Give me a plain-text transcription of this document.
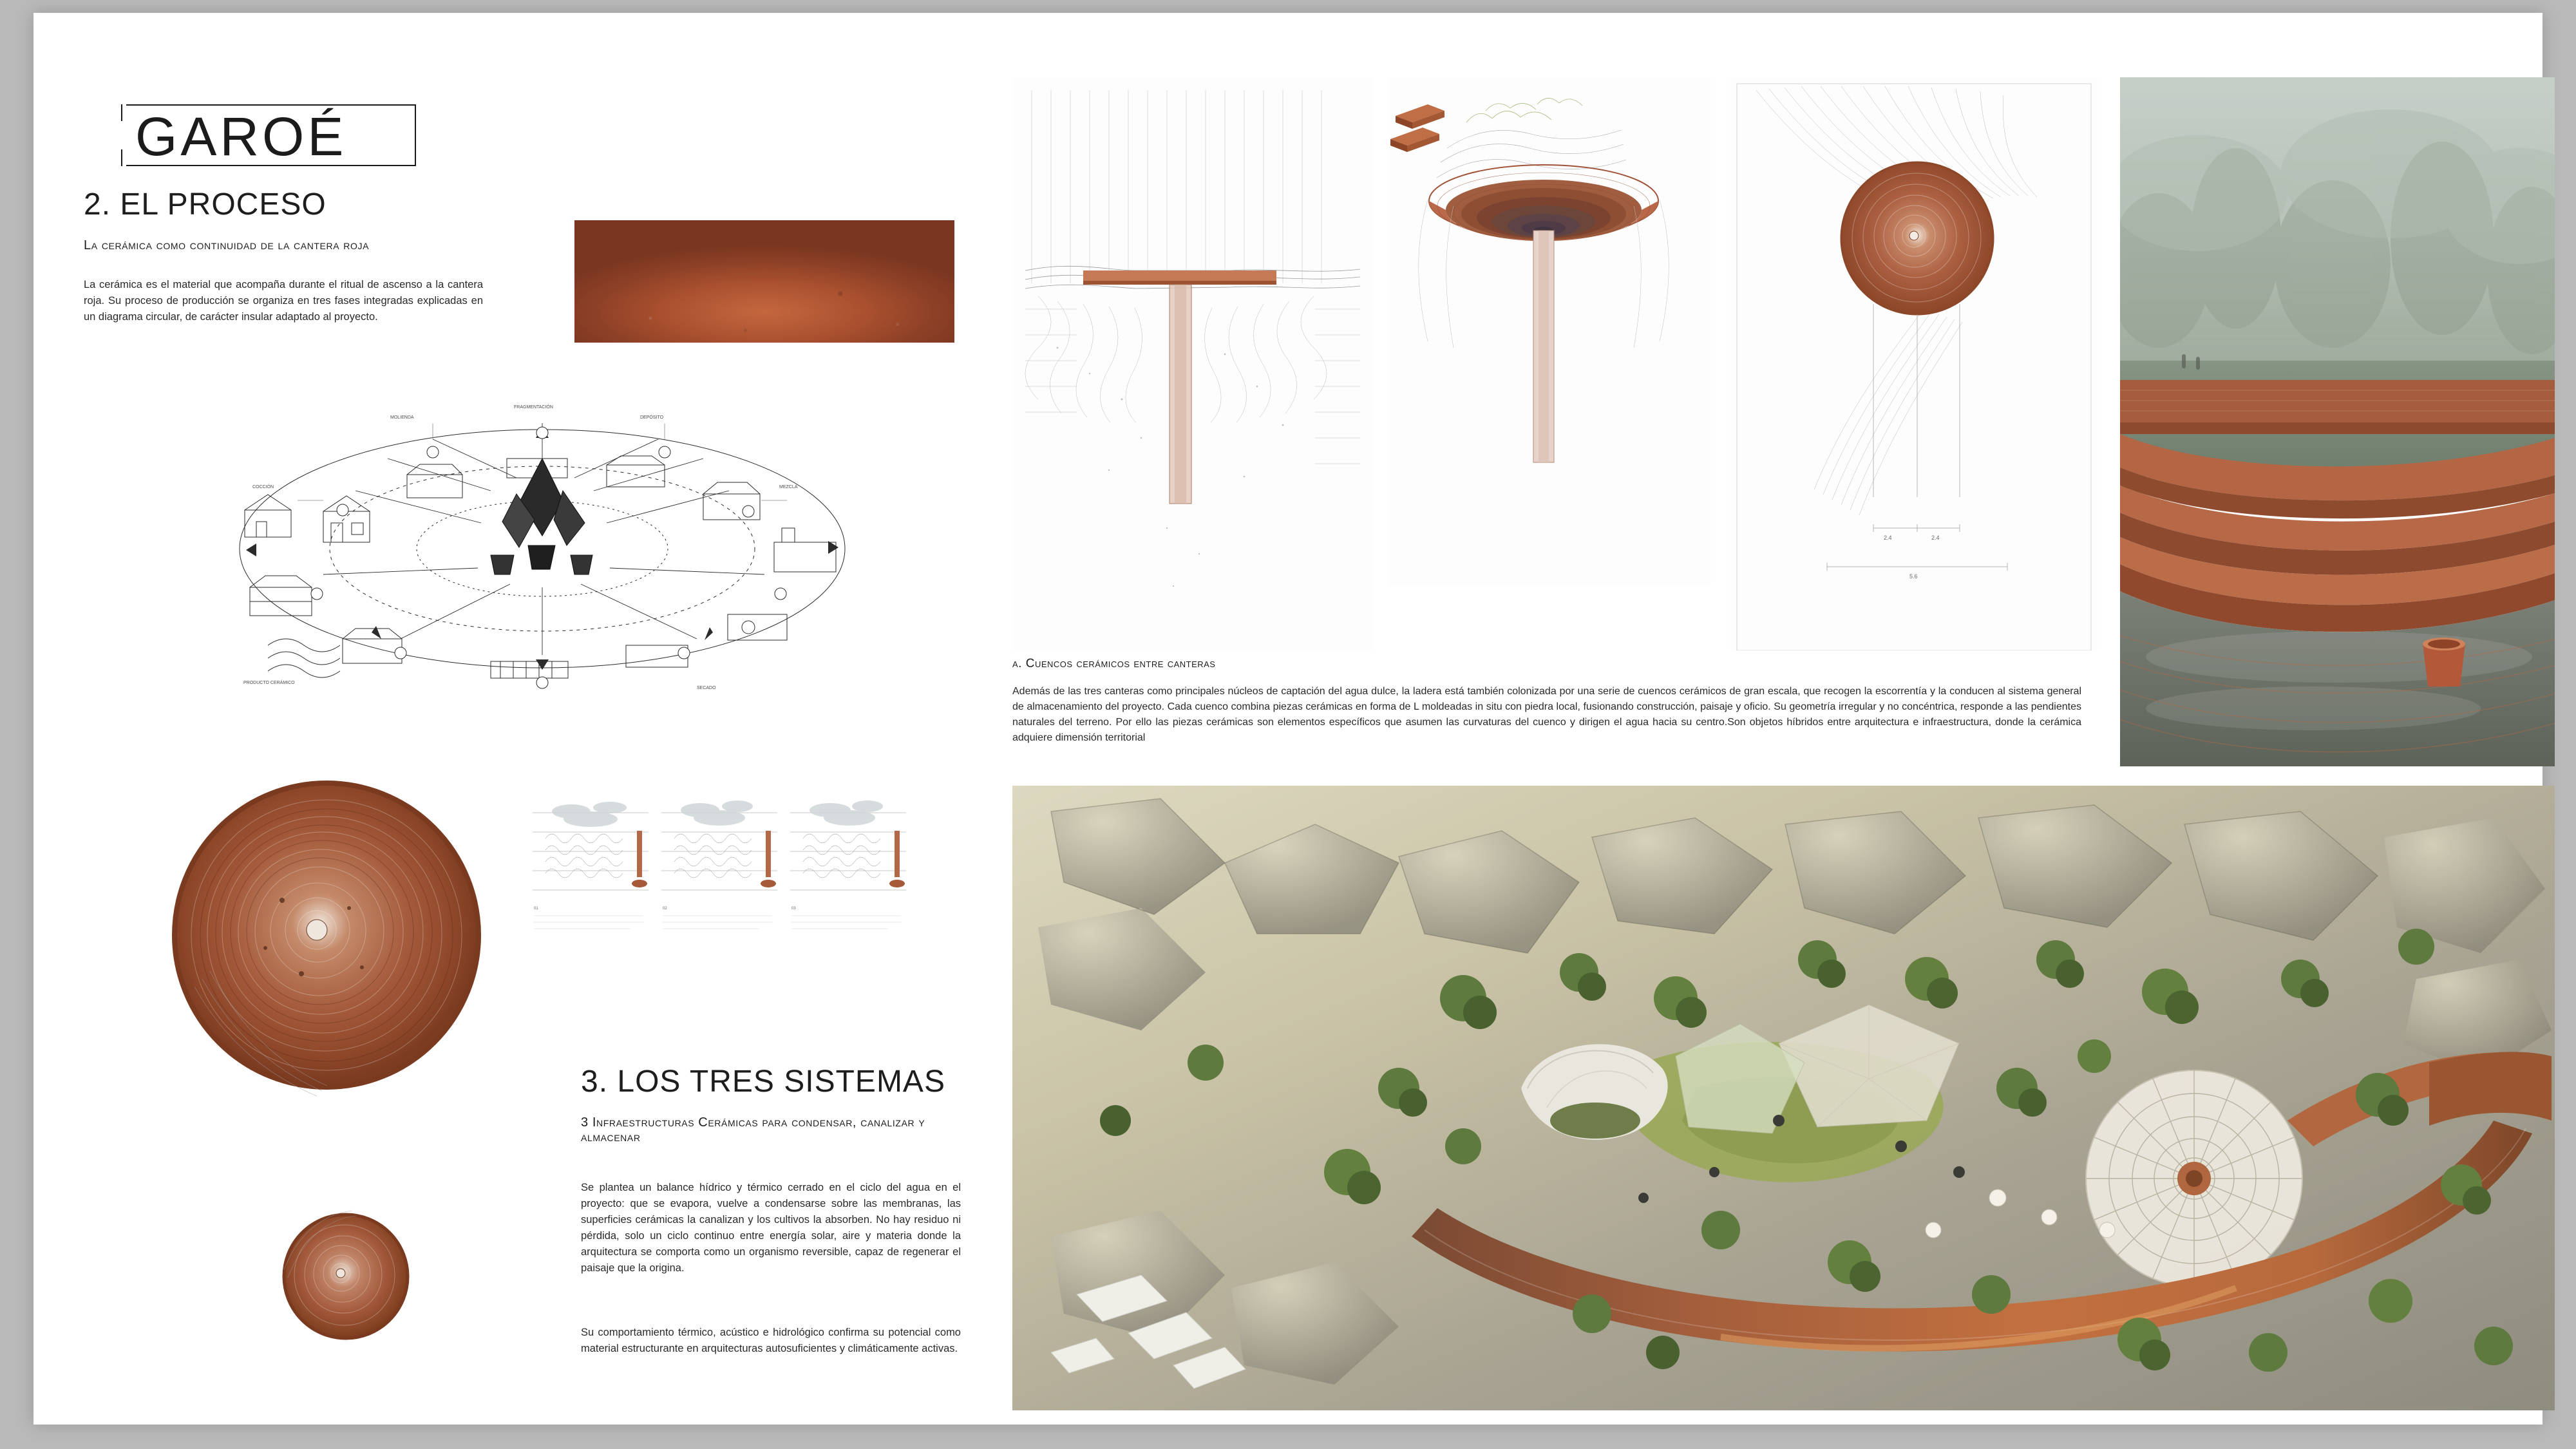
GAROÉ
2. EL PROCESO
La cerámica como continuidad de la cantera roja
La cerámica es el material que acompaña durante el ritual de ascenso a la cantera roja. Su proceso de producción se organiza en tres fases integradas explicadas en un diagrama circular, de carácter insular adaptado al proyecto.
FRAGMENTACIÓN
MOLIENDA	DEPÓSITO
COCCIÓN	MEZCLA
PRODUCTO CERÁMICO
SECADO
01	02	03
3. LOS TRES SISTEMAS
3 Infraestructuras Cerámicas para condensar, canalizar y almacenar
Se plantea un balance hídrico y térmico cerrado en el ciclo del agua en el proyecto: que se evapora, vuelve a condensarse sobre las membranas, las superficies cerámicas la canalizan y los cultivos la absorben. No hay residuo ni pérdida, solo un ciclo continuo entre energía solar, aire y materia donde la arquitectura se comporta como un organismo reversible, capaz de regenerar el paisaje que la origina.
Su comportamiento térmico, acústico e hidrológico confirma su potencial como material estructurante en arquitecturas autosuficientes y climáticamente activas.
2.4	2.4
5.6
a. Cuencos cerámicos entre canteras
Además de las tres canteras como principales núcleos de captación del agua dulce, la ladera está también colonizada por una serie de cuencos cerámicos de gran escala, que recogen la escorrentía y la conducen al sistema general de almacenamiento del proyecto. Cada cuenco combina piezas cerámicas en forma de L moldeadas in situ con piedra local, fusionando construcción, paisaje y oficio. Su geometría irregular y no concéntrica, responde a las pendientes naturales del terreno. Por ello las piezas cerámicas son elementos específicos que asumen las curvaturas del cuenco y dirigen el agua hacia su centro.Son objetos híbridos entre arquitectura e infraestructura, donde la cerámica adquiere dimensión territorial
